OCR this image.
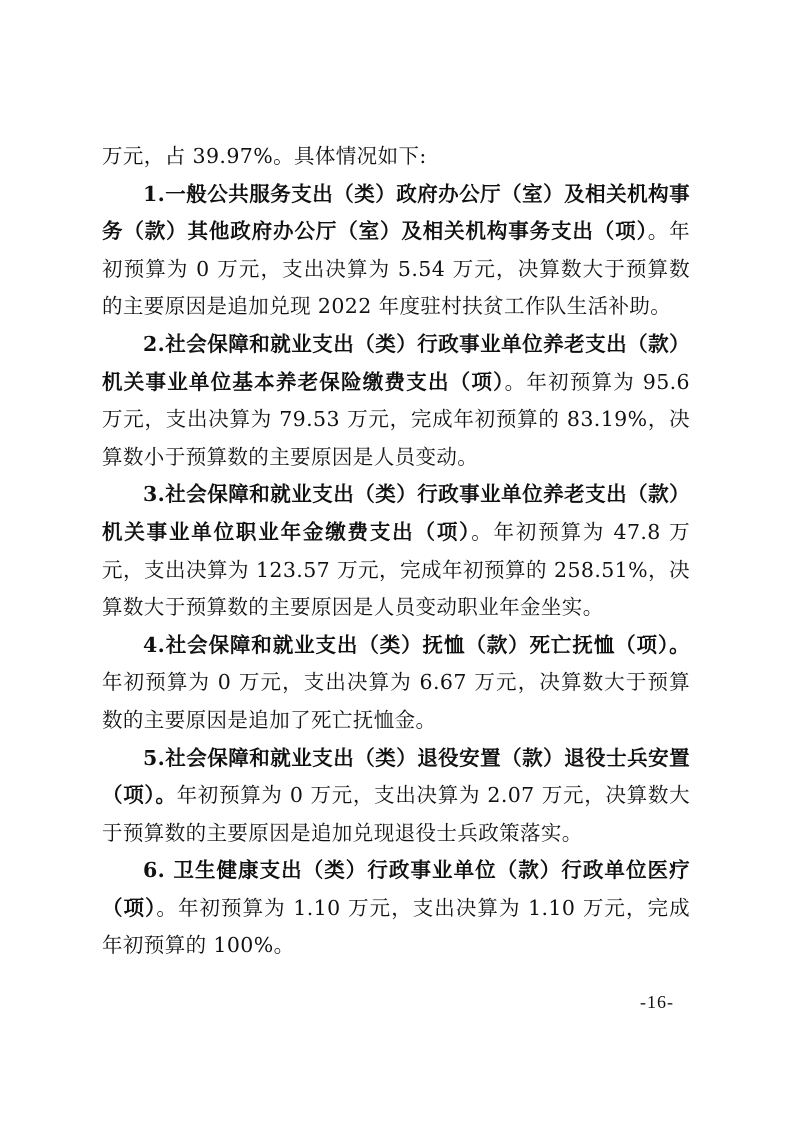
万元，占 39.97%。具体情况如下:

1.一般公共服务支出（类）政府办公厅（室）及相关机构事务（款）其他政府办公厅（室）及相关机构事务支出（项）。年初预算为 0 万元，支出决算为 5.54 万元，决算数大于预算数的主要原因是追加兑现 2022 年度驻村扶贫工作队生活补助。

2.社会保障和就业支出（类）行政事业单位养老支出（款）机关事业单位基本养老保险缴费支出（项）。年初预算为 95.6 万元，支出决算为 79.53 万元，完成年初预算的 83.19%，决算数小于预算数的主要原因是人员变动。

3.社会保障和就业支出（类）行政事业单位养老支出（款）机关事业单位职业年金缴费支出（项）。年初预算为 47.8 万元，支出决算为 123.57 万元，完成年初预算的 258.51%，决算数大于预算数的主要原因是人员变动职业年金坐实。

4.社会保障和就业支出（类）抚恤（款）死亡抚恤（项）。年初预算为 0 万元，支出决算为 6.67 万元，决算数大于预算数的主要原因是追加了死亡抚恤金。

5.社会保障和就业支出（类）退役安置（款）退役士兵安置（项）。年初预算为 0 万元，支出决算为 2.07 万元，决算数大于预算数的主要原因是追加兑现退役士兵政策落实。

6. 卫生健康支出（类）行政事业单位（款）行政单位医疗（项）。年初预算为 1.10 万元，支出决算为 1.10 万元，完成年初预算的 100%。

-16-
